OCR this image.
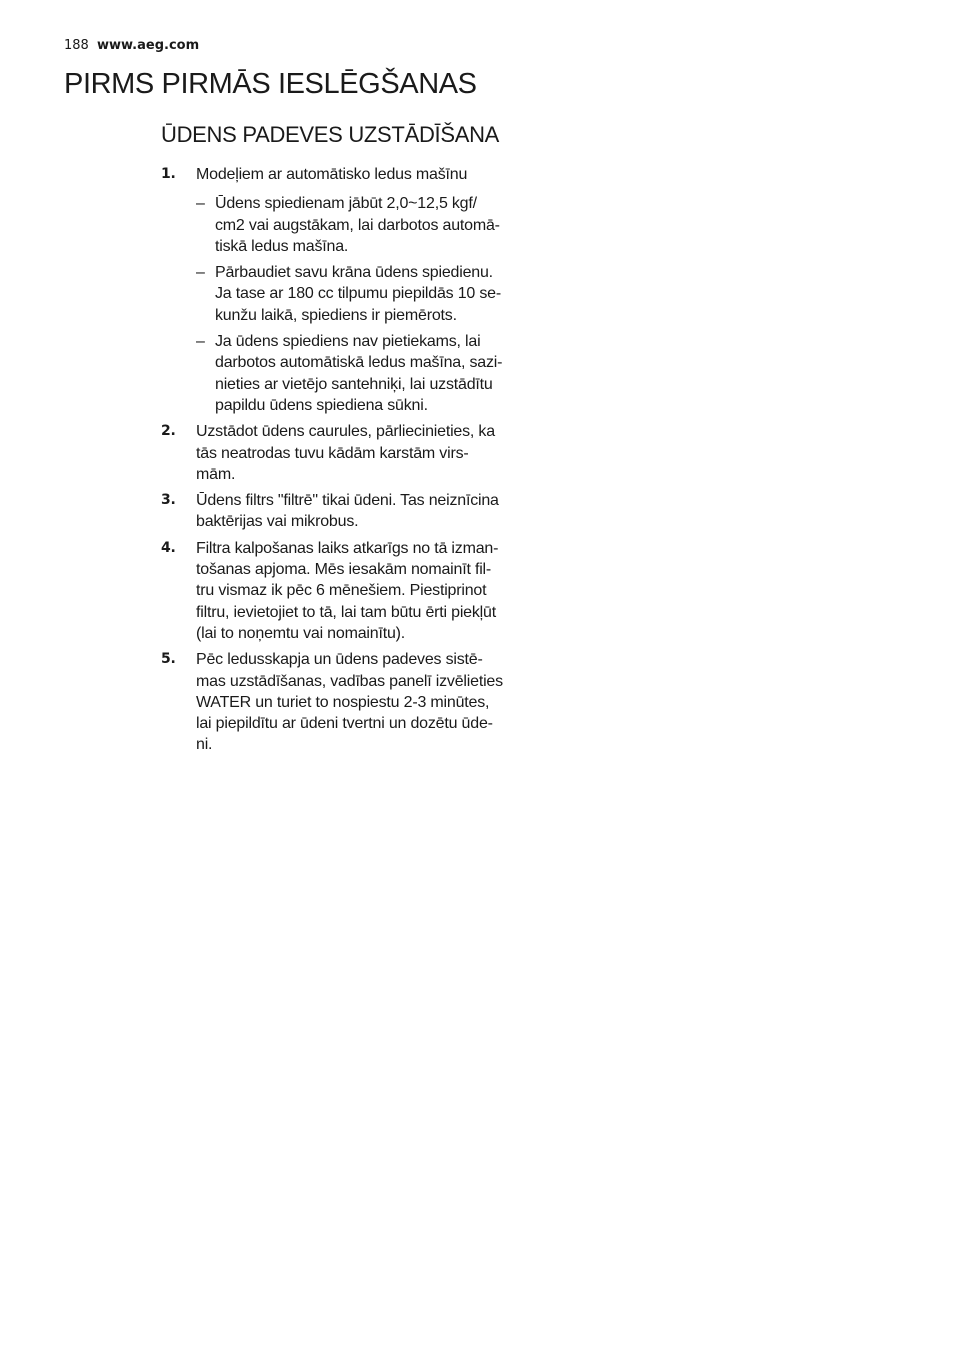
188 www.aeg.com
PIRMS PIRMĀS IESLĒGŠANAS
ŪDENS PADEVES UZSTĀDĪŠANA
1. Modeļiem ar automātisko ledus mašīnu
– Ūdens spiedienam jābūt 2,0~12,5 kgf/
cm2 vai augstākam, lai darbotos automā-
tiskā ledus mašīna.
– Pārbaudiet savu krāna ūdens spiedienu.
Ja tase ar 180 cc tilpumu piepildās 10 se-
kunžu laikā, spiediens ir piemērots.
– Ja ūdens spiediens nav pietiekams, lai
darbotos automātiskā ledus mašīna, sazi-
nieties ar vietējo santehniķi, lai uzstādītu
papildu ūdens spiediena sūkni.
2. Uzstādot ūdens caurules, pārliecinieties, ka
tās neatrodas tuvu kādām karstām virs-
mām.
3. Ūdens filtrs "filtrē" tikai ūdeni. Tas neiznīcina
baktērijas vai mikrobus.
4. Filtra kalpošanas laiks atkarīgs no tā izman-
tošanas apjoma. Mēs iesakām nomainīt fil-
tru vismaz ik pēc 6 mēnešiem. Piestiprinot
filtru, ievietojiet to tā, lai tam būtu ērti piekļūt
(lai to noņemtu vai nomainītu).
5. Pēc ledusskapja un ūdens padeves sistē-
mas uzstādīšanas, vadības panelī izvēlieties
WATER un turiet to nospiestu 2-3 minūtes,
lai piepildītu ar ūdeni tvertni un dozētu ūde-
ni.
